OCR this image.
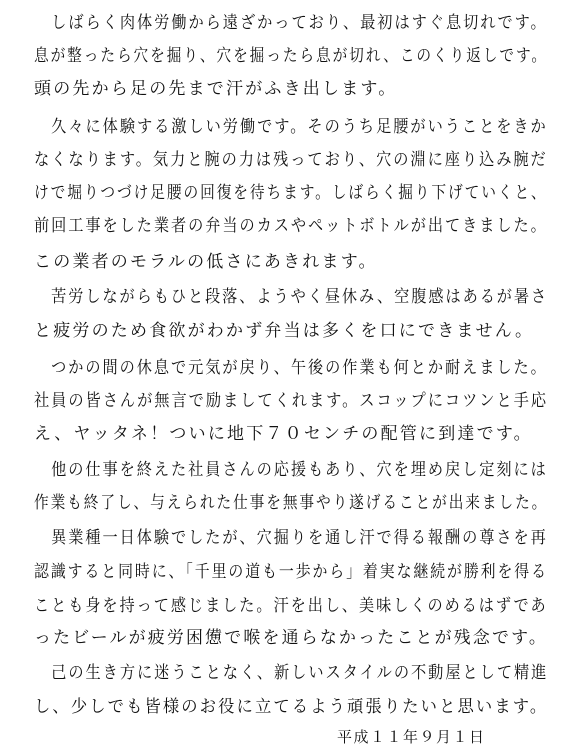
　しばらく肉体労働から遠ざかっており、最初はすぐ息切れです。
息が整ったら穴を掘り、穴を掘ったら息が切れ、このくり返しです。
頭の先から足の先まで汗がふき出します。
　久々に体験する激しい労働です。そのうち足腰がいうことをきか
なくなります。気力と腕の力は残っており、穴の淵に座り込み腕だ
けで堀りつづけ足腰の回復を待ちます。しばらく掘り下げていくと、
前回工事をした業者の弁当のカスやペットボトルが出てきました。
この業者のモラルの低さにあきれます。
　苦労しながらもひと段落、ようやく昼休み、空腹感はあるが暑さ
と疲労のため食欲がわかず弁当は多くを口にできません。
　つかの間の休息で元気が戻り、午後の作業も何とか耐えました。
社員の皆さんが無言で励ましてくれます。スコップにコツンと手応
え、ヤッタネ！ついに地下７０センチの配管に到達です。
　他の仕事を終えた社員さんの応援もあり、穴を埋め戻し定刻には
作業も終了し、与えられた仕事を無事やり遂げることが出来ました。
　異業種一日体験でしたが、穴掘りを通し汗で得る報酬の尊さを再
認識すると同時に、「千里の道も一歩から」着実な継続が勝利を得る
ことも身を持って感じました。汗を出し、美味しくのめるはずであ
ったビールが疲労困憊で喉を通らなかったことが残念です。
　己の生き方に迷うことなく、新しいスタイルの不動屋として精進
し、少しでも皆様のお役に立てるよう頑張りたいと思います。
平成１１年９月１日
